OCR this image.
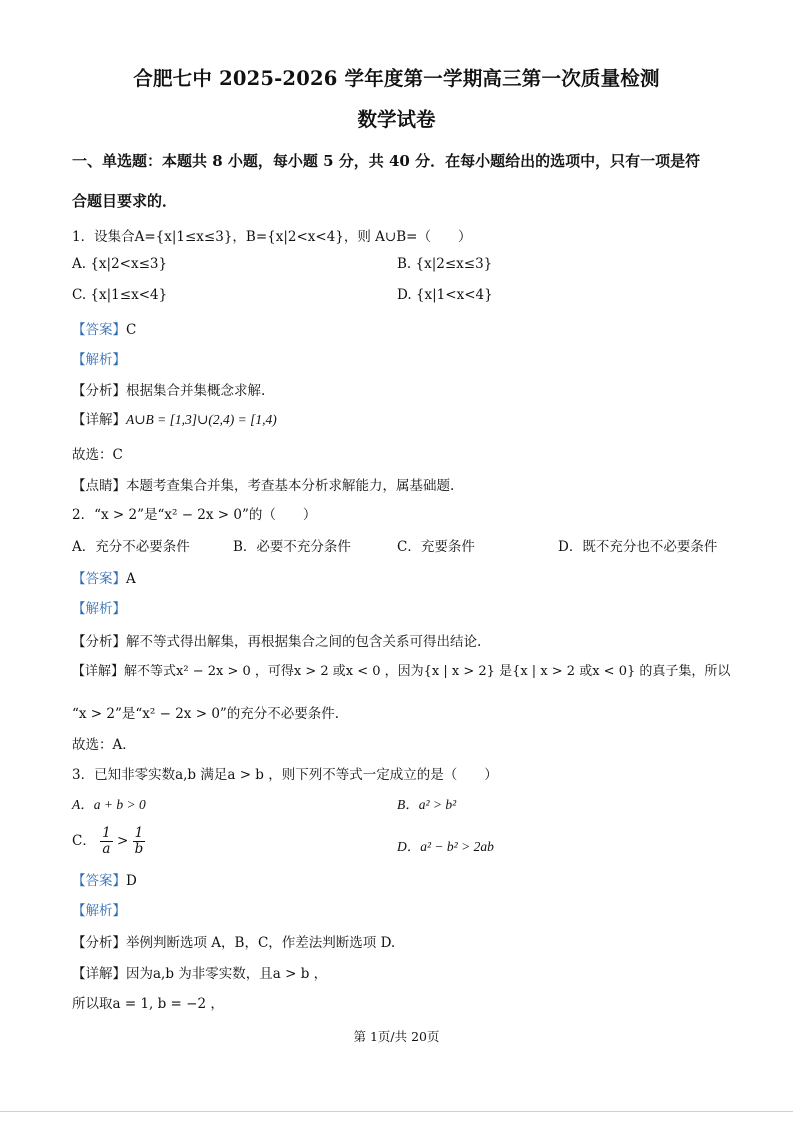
合肥七中 2025-2026 学年度第一学期高三第一次质量检测
数学试卷
一、单选题：本题共 8 小题，每小题 5 分，共 40 分．在每小题给出的选项中，只有一项是符
合题目要求的．
1．设集合A={x|1≤x≤3}，B={x|2<x<4}，则 A∪B=（　　）
A. {x|2<x≤3}	B. {x|2≤x≤3}
C. {x|1≤x<4}	D. {x|1<x<4}
【答案】C
【解析】
【分析】根据集合并集概念求解.
【详解】A∪B = [1,3]∪(2,4) = [1,4)
故选：C
【点睛】本题考查集合并集，考查基本分析求解能力，属基础题.
2．“x > 2”是“x² − 2x > 0”的（　　）
A．充分不必要条件	B．必要不充分条件	C．充要条件	D．既不充分也不必要条件
【答案】A
【解析】
【分析】解不等式得出解集，再根据集合之间的包含关系可得出结论.
【详解】解不等式x² − 2x > 0 ，可得x > 2 或x < 0 ，因为{x | x > 2} 是{x | x > 2 或x < 0} 的真子集，所以
“x > 2”是“x² − 2x > 0”的充分不必要条件.
故选：A．
3．已知非零实数a,b 满足a > b ，则下列不等式一定成立的是（　　）
A．a + b > 0	B．a² > b²
C． $\frac{1}{a} > \frac{1}{b}$	D．a² − b² > 2ab
【答案】D
【解析】
【分析】举例判断选项 A，B，C，作差法判断选项 D.
【详解】因为a,b 为非零实数，且a > b ，
所以取a = 1, b = −2 ，
第 1页/共 20页
